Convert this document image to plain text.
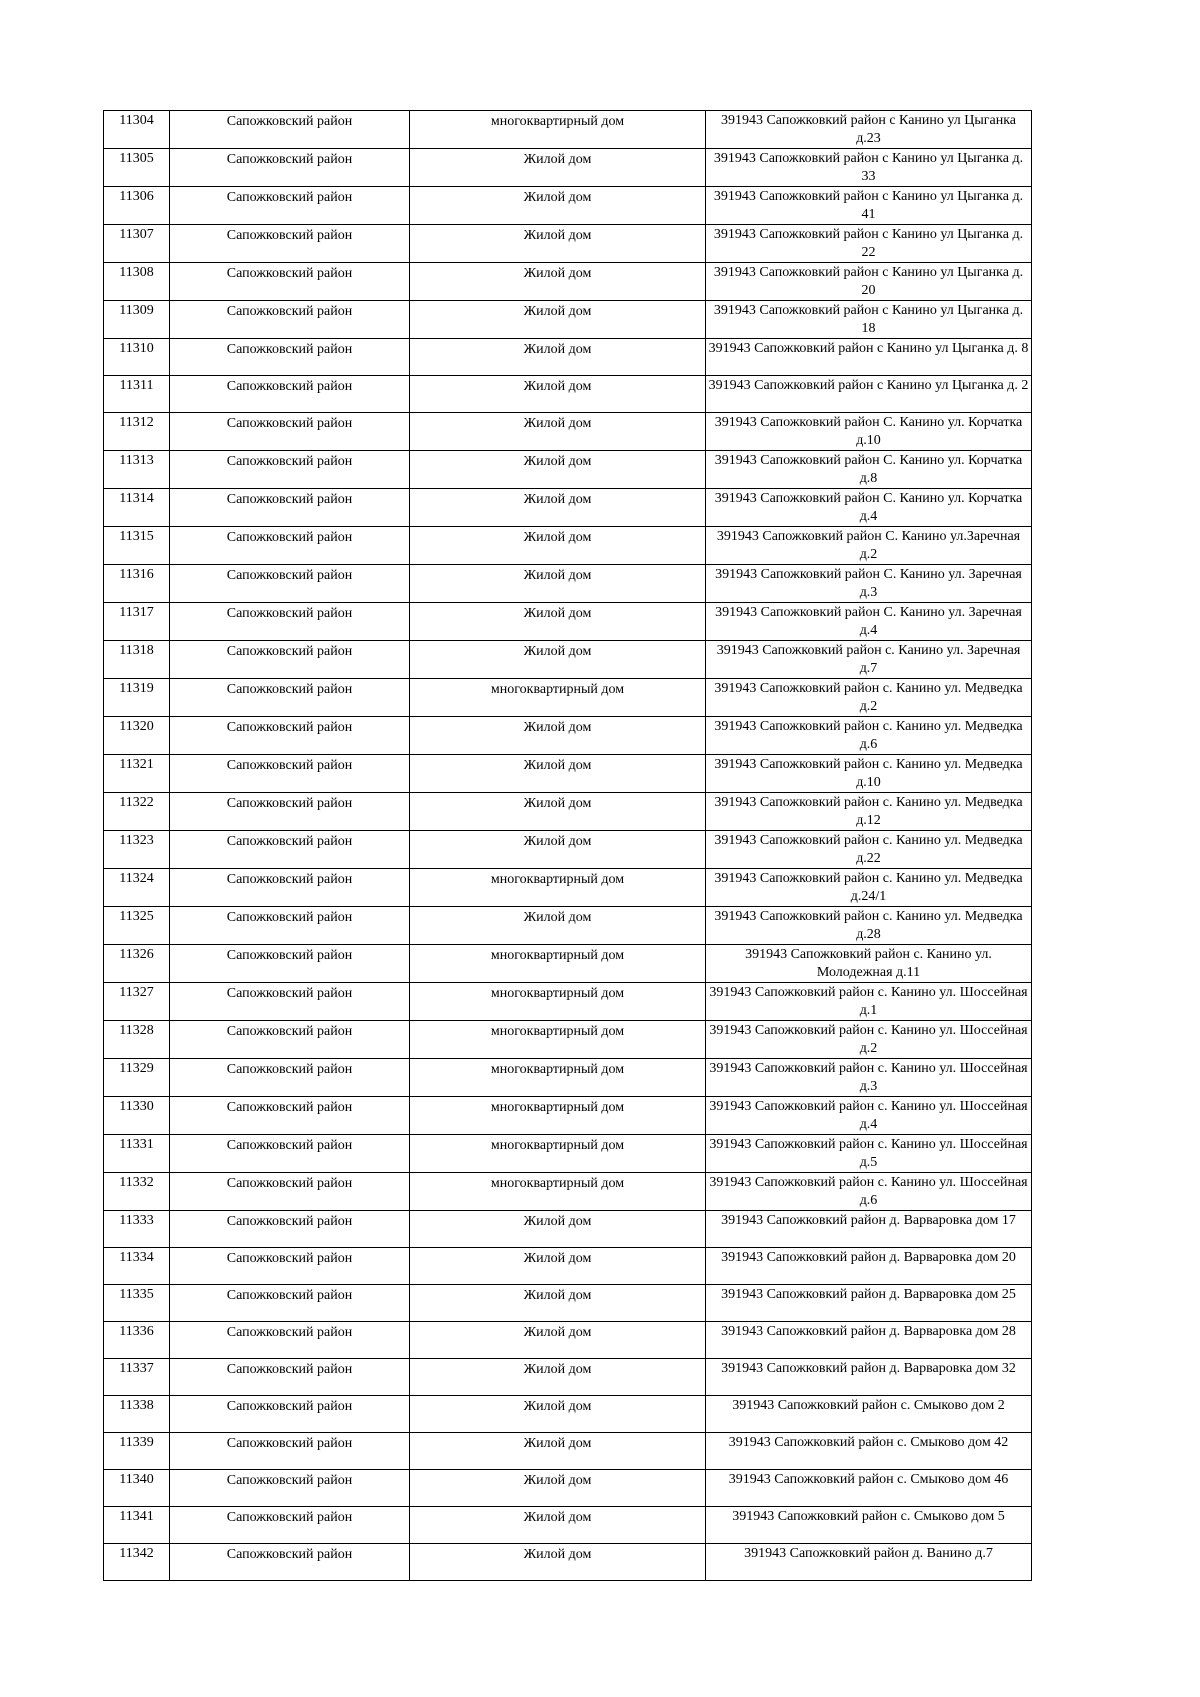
11304	Сапожковский район	многоквартирный дом	391943 Сапожковкий район с Канино ул Цыганка д.23
11305	Сапожковский район	Жилой дом	391943 Сапожковкий район с Канино ул Цыганка д. 33
11306	Сапожковский район	Жилой дом	391943 Сапожковкий район с Канино ул Цыганка д. 41
11307	Сапожковский район	Жилой дом	391943 Сапожковкий район с Канино ул Цыганка д. 22
11308	Сапожковский район	Жилой дом	391943 Сапожковкий район с Канино ул Цыганка д. 20
11309	Сапожковский район	Жилой дом	391943 Сапожковкий район с Канино ул Цыганка д. 18
11310	Сапожковский район	Жилой дом	391943 Сапожковкий район с Канино ул Цыганка д. 8
11311	Сапожковский район	Жилой дом	391943 Сапожковкий район с Канино ул Цыганка д. 2
11312	Сапожковский район	Жилой дом	391943 Сапожковкий район С. Канино ул. Корчатка д.10
11313	Сапожковский район	Жилой дом	391943 Сапожковкий район С. Канино ул. Корчатка д.8
11314	Сапожковский район	Жилой дом	391943 Сапожковкий район С. Канино ул. Корчатка д.4
11315	Сапожковский район	Жилой дом	391943 Сапожковкий район С. Канино ул.Заречная д.2
11316	Сапожковский район	Жилой дом	391943 Сапожковкий район С. Канино ул. Заречная д.3
11317	Сапожковский район	Жилой дом	391943 Сапожковкий район С. Канино ул. Заречная д.4
11318	Сапожковский район	Жилой дом	391943 Сапожковкий район с. Канино ул. Заречная д.7
11319	Сапожковский район	многоквартирный дом	391943 Сапожковкий район с. Канино ул. Медведка д.2
11320	Сапожковский район	Жилой дом	391943 Сапожковкий район с. Канино ул. Медведка д.6
11321	Сапожковский район	Жилой дом	391943 Сапожковкий район с. Канино ул. Медведка д.10
11322	Сапожковский район	Жилой дом	391943 Сапожковкий район с. Канино ул. Медведка д.12
11323	Сапожковский район	Жилой дом	391943 Сапожковкий район с. Канино ул. Медведка д.22
11324	Сапожковский район	многоквартирный дом	391943 Сапожковкий район с. Канино ул. Медведка д.24/1
11325	Сапожковский район	Жилой дом	391943 Сапожковкий район с. Канино ул. Медведка д.28
11326	Сапожковский район	многоквартирный дом	391943 Сапожковкий район с. Канино ул. Молодежная д.11
11327	Сапожковский район	многоквартирный дом	391943 Сапожковкий район с. Канино ул. Шоссейная д.1
11328	Сапожковский район	многоквартирный дом	391943 Сапожковкий район с. Канино ул. Шоссейная д.2
11329	Сапожковский район	многоквартирный дом	391943 Сапожковкий район с. Канино ул. Шоссейная д.3
11330	Сапожковский район	многоквартирный дом	391943 Сапожковкий район с. Канино ул. Шоссейная д.4
11331	Сапожковский район	многоквартирный дом	391943 Сапожковкий район с. Канино ул. Шоссейная д.5
11332	Сапожковский район	многоквартирный дом	391943 Сапожковкий район с. Канино ул. Шоссейная д.6
11333	Сапожковский район	Жилой дом	391943 Сапожковкий район д. Варваровка дом 17
11334	Сапожковский район	Жилой дом	391943 Сапожковкий район д. Варваровка дом 20
11335	Сапожковский район	Жилой дом	391943 Сапожковкий район д. Варваровка дом 25
11336	Сапожковский район	Жилой дом	391943 Сапожковкий район д. Варваровка дом 28
11337	Сапожковский район	Жилой дом	391943 Сапожковкий район д. Варваровка дом 32
11338	Сапожковский район	Жилой дом	391943 Сапожковкий район с. Смыково дом 2
11339	Сапожковский район	Жилой дом	391943 Сапожковкий район с. Смыково дом 42
11340	Сапожковский район	Жилой дом	391943 Сапожковкий район с. Смыково дом 46
11341	Сапожковский район	Жилой дом	391943 Сапожковкий район с. Смыково дом 5
11342	Сапожковский район	Жилой дом	391943 Сапожковкий район д. Ванино д.7
